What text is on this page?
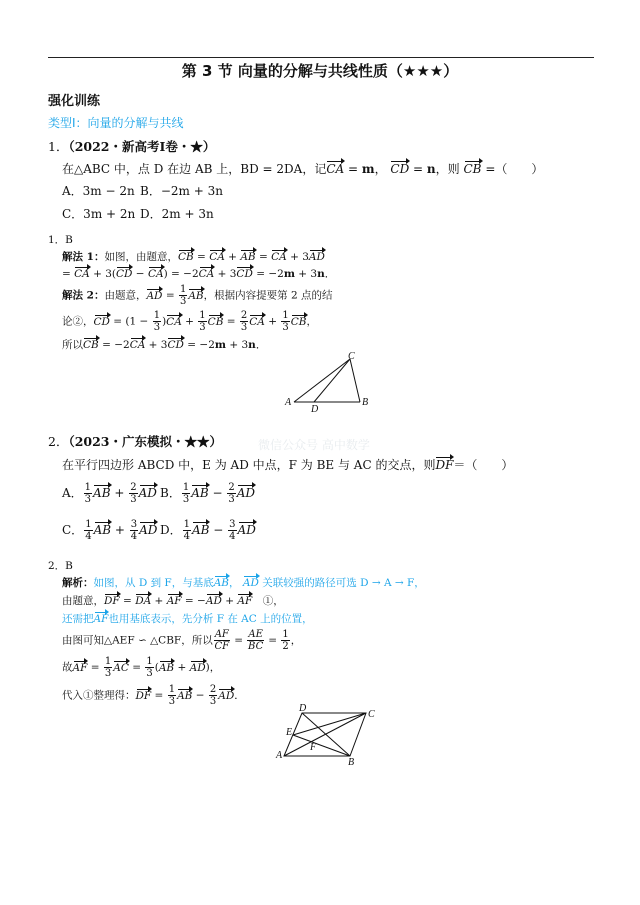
第 3 节 向量的分解与共线性质（★★★）
强化训练
类型Ⅰ：向量的分解与共线
微信公众号 高中数学
1．（2022・新高考Ⅰ卷・★）
在△ABC 中，点 D 在边 AB 上，BD = 2DA，记CA = m， CD = n，则 CB =（　　）
A．3m − 2n B．−2m + 3n
C．3m + 2n D．2m + 3n
1．B
解法 1：如图，由题意，CB = CA + AB = CA + 3AD
= CA + 3(CD − CA) = −2CA + 3CD = −2m + 3n．
解法 2：由题意，AD = $\frac{1}{3}$ AB，根据内容提要第 2 点的结
论②，CD = $(1 - \frac{1}{3} )CA + \frac{1}{3}$ CB = $\frac{2}{3}$ CA + $\frac{1}{3}$ CB，
所以CB = −2CA + 3CD = −2m + 3n．
A	B
C
D
2．（2023・广东模拟・★★）
在平行四边形 ABCD 中，E 为 AD 中点，F 为 BE 与 AC 的交点，则DF＝（　　）
A． $\frac{1}{3}$ AB + $\frac{2}{3}$ AD B． $\frac{1}{3}$ AB − $\frac{2}{3}$ AD
C． $\frac{1}{4}$ AB + $\frac{3}{4}$ AD D． $\frac{1}{4}$ AB − $\frac{3}{4}$ AD
2．B
解析：如图，从 D 到 F，与基底AB， AD 关联较强的路径可选 D → A → F，
由题意，DF = DA + AF = −AD + AF　①，
还需把AF也用基底表示，先分析 F 在 AC 上的位置，
由图可知△AEF ∽ △CBF，所以 $\frac{AF}{CF} = \frac{AE}{BC} = \frac{1}{2}$ ，
故AF = $\frac{1}{3}$ AC = $\frac{1}{3} (AB + AD)$，
代入①整理得：DF = $\frac{1}{3}$ AB − $\frac{2}{3}$ AD．
A
B
C
D
E
F
